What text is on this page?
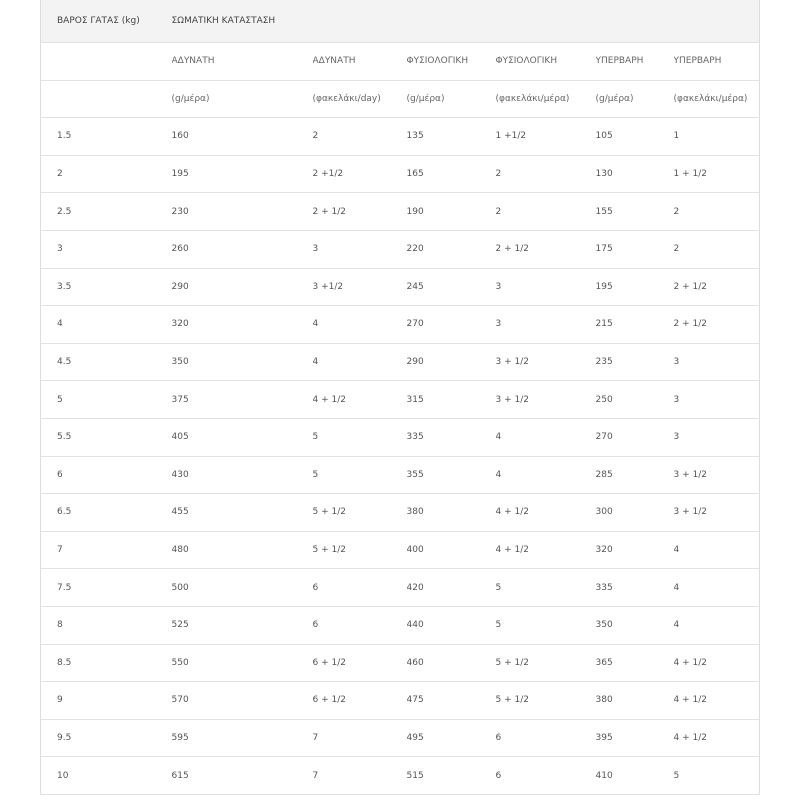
ΒΑΡΟΣ ΓΑΤΑΣ (kg)	ΣΩΜΑΤΙΚΗ ΚΑΤΑΣΤΑΣΗ					
	ΑΔΥΝΑΤΗ	ΑΔΥΝΑΤΗ	ΦΥΣΙΟΛΟΓΙΚΗ	ΦΥΣΙΟΛΟΓΙΚΗ	ΥΠΕΡΒΑΡΗ	ΥΠΕΡΒΑΡΗ
	(g/μέρα)	(φακελάκι/day)	(g/μέρα)	(φακελάκι/μέρα)	(g/μέρα)	(φακελάκι/μέρα)
1.5	160	2	135	1 +1/2	105	1
2	195	2 +1/2	165	2	130	1 + 1/2
2.5	230	2 + 1/2	190	2	155	2
3	260	3	220	2 + 1/2	175	2
3.5	290	3 +1/2	245	3	195	2 + 1/2
4	320	4	270	3	215	2 + 1/2
4.5	350	4	290	3 + 1/2	235	3
5	375	4 + 1/2	315	3 + 1/2	250	3
5.5	405	5	335	4	270	3
6	430	5	355	4	285	3 + 1/2
6.5	455	5 + 1/2	380	4 + 1/2	300	3 + 1/2
7	480	5 + 1/2	400	4 + 1/2	320	4
7.5	500	6	420	5	335	4
8	525	6	440	5	350	4
8.5	550	6 + 1/2	460	5 + 1/2	365	4 + 1/2
9	570	6 + 1/2	475	5 + 1/2	380	4 + 1/2
9.5	595	7	495	6	395	4 + 1/2
10	615	7	515	6	410	5
